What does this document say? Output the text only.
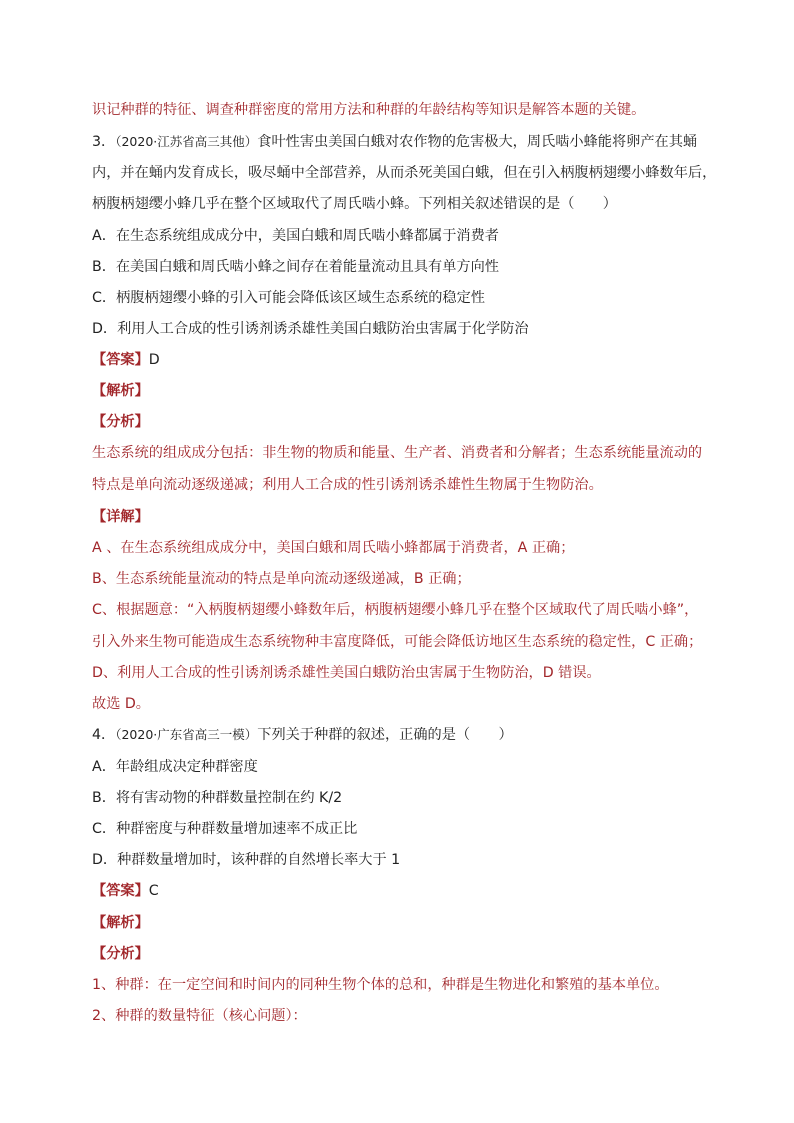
识记种群的特征、调查种群密度的常用方法和种群的年龄结构等知识是解答本题的关键。
3．（2020·江苏省高三其他）食叶性害虫美国白蛾对农作物的危害极大，周氏啮小蜂能将卵产在其蛹
内，并在蛹内发育成长，吸尽蛹中全部营养，从而杀死美国白蛾，但在引入柄腹柄翅缨小蜂数年后，
柄腹柄翅缨小蜂几乎在整个区域取代了周氏啮小蜂。下列相关叙述错误的是（　　）
A．在生态系统组成成分中，美国白蛾和周氏啮小蜂都属于消费者
B．在美国白蛾和周氏啮小蜂之间存在着能量流动且具有单方向性
C．柄腹柄翅缨小蜂的引入可能会降低该区域生态系统的稳定性
D．利用人工合成的性引诱剂诱杀雄性美国白蛾防治虫害属于化学防治
【答案】D
【解析】
【分析】
生态系统的组成成分包括：非生物的物质和能量、生产者、消费者和分解者；生态系统能量流动的
特点是单向流动逐级递减；利用人工合成的性引诱剂诱杀雄性生物属于生物防治。
【详解】
A 、在生态系统组成成分中，美国白蛾和周氏啮小蜂都属于消费者，A 正确；
B、生态系统能量流动的特点是单向流动逐级递减，B 正确；
C、根据题意：“入柄腹柄翅缨小蜂数年后，柄腹柄翅缨小蜂几乎在整个区域取代了周氏啮小蜂”，
引入外来生物可能造成生态系统物种丰富度降低，可能会降低访地区生态系统的稳定性，C 正确；
D、利用人工合成的性引诱剂诱杀雄性美国白蛾防治虫害属于生物防治，D 错误。
故选 D。
4．（2020·广东省高三一模）下列关于种群的叙述，正确的是（　　）
A．年龄组成决定种群密度
B．将有害动物的种群数量控制在约 K/2
C．种群密度与种群数量增加速率不成正比
D．种群数量增加时，该种群的自然增长率大于 1
【答案】C
【解析】
【分析】
1、种群：在一定空间和时间内的同种生物个体的总和，种群是生物进化和繁殖的基本单位。
2、种群的数量特征（核心问题）：
